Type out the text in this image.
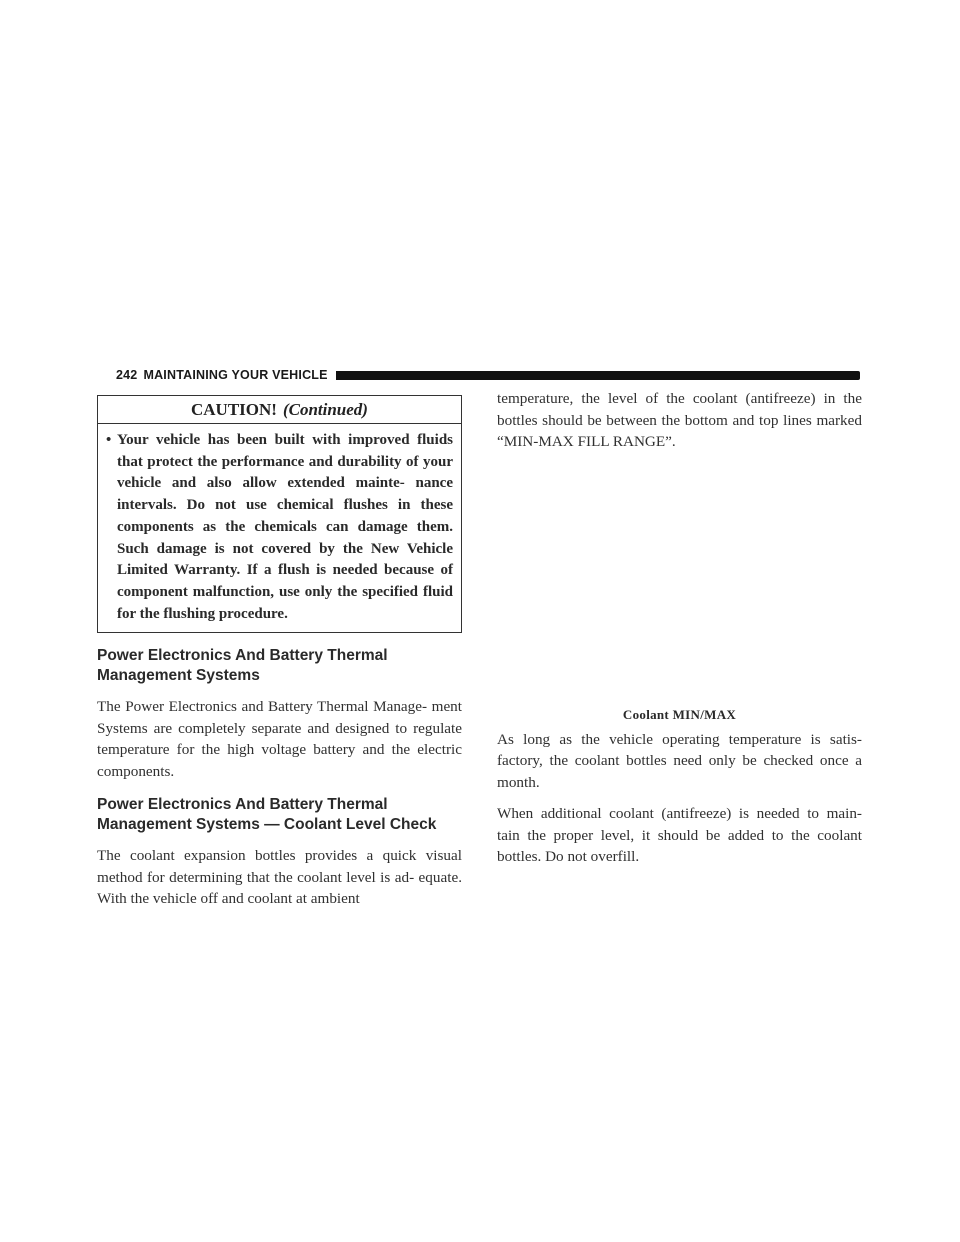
242 MAINTAINING YOUR VEHICLE
CAUTION! (Continued)
• Your vehicle has been built with improved fluids that protect the performance and durability of your vehicle and also allow extended mainte- nance intervals. Do not use chemical flushes in these components as the chemicals can damage them. Such damage is not covered by the New Vehicle Limited Warranty. If a flush is needed because of component malfunction, use only the specified fluid for the flushing procedure.
Power Electronics And Battery Thermal Management Systems

The Power Electronics and Battery Thermal Manage- ment Systems are completely separate and designed to regulate temperature for the high voltage battery and the electric components.

Power Electronics And Battery Thermal Management Systems — Coolant Level Check

The coolant expansion bottles provides a quick visual method for determining that the coolant level is ad- equate. With the vehicle off and coolant at ambient

temperature, the level of the coolant (antifreeze) in the bottles should be between the bottom and top lines marked “MIN-MAX FILL RANGE”.

Coolant MIN/MAX

As long as the vehicle operating temperature is satis- factory, the coolant bottles need only be checked once a month.

When additional coolant (antifreeze) is needed to main- tain the proper level, it should be added to the coolant bottles. Do not overfill.
